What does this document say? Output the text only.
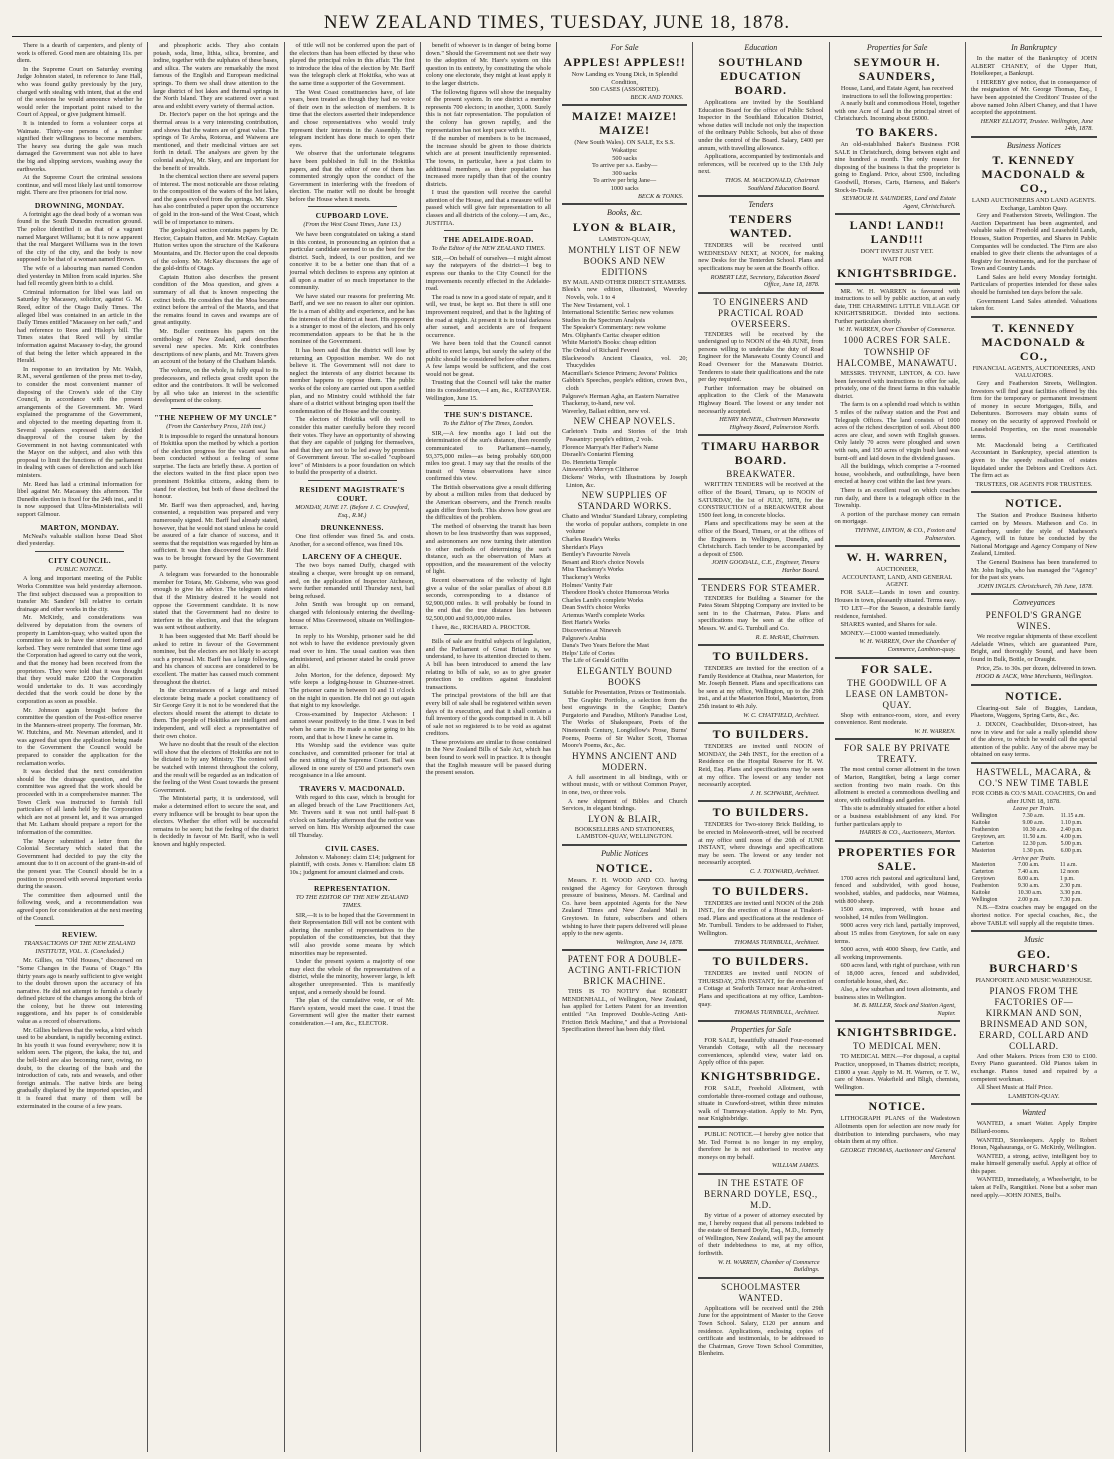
NEW ZEALAND TIMES, TUESDAY, JUNE 18, 1878.
There is a dearth of carpenters, and plenty of work is offered. Good men are obtaining 11s. per diem.
In the Supreme Court on Saturday evening Judge Johnston stated, in reference to Jane Hall, who was found guilty previously by the jury, charged with stealing with intent, that at the end of the sessions he would announce whether he would refer the important point raised to the Court of Appeal, or give judgment himself.
It is intended to form a volunteer corps at Waimate. Thirty-one persons of a number signified their willingness to become members. The heavy sea during the gale was much damaged the Government was not able to have the big and slipping services, washing away the earthworks.
At the Supreme Court the criminal sessions continue, and will most likely last until tomorrow night. There are five prisoners for trial now.
DROWNING, MONDAY.
A fortnight ago the dead body of a woman was found in the South Dunedin recreation ground. The police identified it as that of a vagrant named Margaret Williams; but it is now apparent that the real Margaret Williams was in the town of the city of the city, and the body is now supposed to be that of a woman named Brown.
The wife of a labouring man named Condon died yesterday in Milton from scald injuries. She had fell recently given birth to a child.
Criminal information for libel was laid on Saturday by Macassey, solicitor, against G. M. Reed, editor of the Otago Daily Times. The alleged libel was contained in an article in the Daily Times entitled "Macassey on her oath," and had reference to Reos and Hislop's bill. The Times states that Reed will by similar information against Macassey to-day, the ground of that being the letter which appeared in the Herald.
In response to an invitation by Mr. Walsh, R.M., several gentlemen of the press met to-day, to consider the most convenient manner of disposing of the Crown's side of the City Council, in accordance with the present arrangements of the Government. Mr. Ward explained the programme of the Government, and objected to the meeting departing from it. Several speakers expressed their decided disapproval of the course taken by the Government in not having communicated with the Mayor on the subject, and also with this proposal to limit the functions of the parliament in dealing with cases of dereliction and such like ministers.
Mr. Reed has laid a criminal information for libel against Mr. Macassey this afternoon. The Dunedin election is fixed for the 24th inst., and it is now supposed that Ultra-Ministerialists will support Gilmour.
MARTON, MONDAY.
McNeal's valuable stallion horse Dead Shot died yesterday.
CITY COUNCIL.
PUBLIC NOTICE.
A long and important meeting of the Public Works Committee was held yesterday afternoon. The first subject discussed was a proposition to transfer Mr. Sanders' bill relative to certain drainage and other works in the city.
Mr. McKirdy, and considerations was delivered by deputation from the owners of property in Lambton-quay, who waited upon the committee to ask to have the street formed and kerbed. They were reminded that some time ago the Corporation had agreed to carry out the work, and that the money had been received from the proprietors. They were told that it was thought that they would make £200 the Corporation would undertake to do. It was accordingly decided that the work could be done by the corporation as soon as possible.
Mr. Johnson again brought before the committee the question of the Post-office reserve in the Manners-street property. The foreman, Mr. W. Hutchins, and Mr. Newman attended, and it was agreed that upon the application being made to the Government the Council would be prepared to consider the application for the reclamation works.
It was decided that the next consideration should be the drainage question, and the committee was agreed that the work should be proceeded with in a comprehensive manner. The Town Clerk was instructed to furnish full particulars of all lands held by the Corporation which are not at present let, and it was arranged that Mr. Latham should prepare a report for the information of the committee.
The Mayor submitted a letter from the Colonial Secretary which stated that the Government had decided to pay the city the amount due to it on account of the grant-in-aid of the present year. The Council should be in a position to proceed with several important works during the season.
The committee then adjourned until the following week, and a recommendation was agreed upon for consideration at the next meeting of the Council.
REVIEW.
TRANSACTIONS OF THE NEW ZEALAND INSTITUTE, VOL. X. (Concluded.)
Mr. Gillies, on "Old Houses," discoursed on "Some Changes in the Fauna of Otago." His thirty years ago is nearly sufficient to give weight to the doubt thrown upon the accuracy of his narrative. He did not attempt to furnish a clearly defined picture of the changes among the birds of the colony, but he threw out interesting suggestions, and his paper is of considerable value as a record of observations.
Mr. Gillies believes that the weka, a bird which used to be abundant, is rapidly becoming extinct. In his youth it was found everywhere; now it is seldom seen. The pigeon, the kaka, the tui, and the bell-bird are also becoming rarer, owing, no doubt, to the clearing of the bush and the introduction of cats, rats and weasels, and other foreign animals. The native birds are being gradually displaced by the imported species, and it is feared that many of them will be exterminated in the course of a few years.
and phosphoric acids. They also contain potash, soda, lime, lithia, silica, bromine, and iodine, together with the sulphates of these bases, and silica. The waters are remarkably the most famous of the English and European medicinal springs. To them we shall draw attention to the large district of hot lakes and thermal springs in the North Island. They are scattered over a vast area and exhibit every variety of thermal action.
Dr. Hector's paper on the hot springs and the thermal areas is a very interesting contribution, and shows that the waters are of great value. The springs of Te Aroha, Rotorua, and Waiwera are mentioned, and their medicinal virtues are set forth in detail. The analyses are given by the colonial analyst, Mr. Skey, and are important for the benefit of invalids.
In the chemical section there are several papers of interest. The most noticeable are those relating to the composition of the waters of the hot lakes, and the gases evolved from the springs. Mr. Skey has also contributed a paper upon the occurrence of gold in the iron-sand of the West Coast, which will be of importance to miners.
The geological section contains papers by Dr. Hector, Captain Hutton, and Mr. McKay. Captain Hutton writes upon the structure of the Kaikoura Mountains, and Dr. Hector upon the coal deposits of the colony. Mr. McKay discusses the age of the gold-drifts of Otago.
Captain Hutton also describes the present condition of the Moa question, and gives a summary of all that is known respecting the extinct birds. He considers that the Moa became extinct before the arrival of the Maoris, and that the remains found in caves and swamps are of great antiquity.
Mr. Buller continues his papers on the ornithology of New Zealand, and describes several new species. Mr. Kirk contributes descriptions of new plants, and Mr. Travers gives an account of the botany of the Chatham Islands.
The volume, on the whole, is fully equal to its predecessors, and reflects great credit upon the editor and the contributors. It will be welcomed by all who take an interest in the scientific development of the colony.
"THE NEPHEW OF MY UNCLE"
(From the Canterbury Press, 11th inst.)
It is impossible to regard the unnatural honours of Hokitika upon the method by which a portion of the election progress for the vacant seat has been conducted without a feeling of some surprise. The facts are briefly these. A portion of the electors waited in the first place upon two prominent Hokitika citizens, asking them to stand for election, but both of these declined the honour.
Mr. Barff was then approached, and, having consented, a requisition was prepared and very numerously signed. Mr. Barff had already stated, however, that he would not stand unless he could be assured of a fair chance of success, and it seems that the requisition was regarded by him as sufficient. It was then discovered that Mr. Reid was to be brought forward by the Government party.
A telegram was forwarded to the honourable member for Totara, Mr. Gisborne, who was good enough to give his advice. The telegram stated that if the Ministry desired it he would not oppose the Government candidate. It is now stated that the Government had no desire to interfere in the election, and that the telegram was sent without authority.
It has been suggested that Mr. Barff should be asked to retire in favour of the Government nominee, but the electors are not likely to accept such a proposal. Mr. Barff has a large following, and his chances of success are considered to be excellent. The matter has caused much comment throughout the district.
In the circumstances of a large and mixed electorate being made a pocket constituency of Sir George Grey it is not to be wondered that the electors should resent the attempt to dictate to them. The people of Hokitika are intelligent and independent, and will elect a representative of their own choice.
We have no doubt that the result of the election will show that the electors of Hokitika are not to be dictated to by any Ministry. The contest will be watched with interest throughout the colony, and the result will be regarded as an indication of the feeling of the West Coast towards the present Government.
The Ministerial party, it is understood, will make a determined effort to secure the seat, and every influence will be brought to bear upon the electors. Whether the effort will be successful remains to be seen; but the feeling of the district is decidedly in favour of Mr. Barff, who is well known and highly respected.
of title will not be conferred upon the part of the electors than has been effected by these who played the principal roles in this affair. The first to introduce the idea of the election by Mr. Barff was the telegraph clerk at Hokitika, who was at the same time a supporter of the Government.
The West Coast constituencies have, of late years, been treated as though they had no voice of their own in the selection of members. It is time that the electors asserted their independence and chose representatives who would truly represent their interests in the Assembly. The telegram incident has done much to open their eyes.
We observe that the unfortunate telegrams have been published in full in the Hokitika papers, and that the editor of one of them has commented strongly upon the conduct of the Government in interfering with the freedom of election. The matter will no doubt be brought before the House when it meets.
CUPBOARD LOVE.
(From the West Coast Times, June 13.)
We have been congratulated on taking a stand in this contest, in pronouncing an opinion that a particular candidate seemed to us the best for the district. Such, indeed, is our position, and we conceive it to be a better one than that of a journal which declines to express any opinion at all upon a matter of so much importance to the community.
We have stated our reasons for preferring Mr. Barff, and we see no reason to alter our opinion. He is a man of ability and experience, and he has the interests of the district at heart. His opponent is a stranger to most of the electors, and his only recommendation appears to be that he is the nominee of the Government.
It has been said that the district will lose by returning an Opposition member. We do not believe it. The Government will not dare to neglect the interests of any district because its member happens to oppose them. The public works of the colony are carried out upon a settled plan, and no Ministry could withhold the fair share of a district without bringing upon itself the condemnation of the House and the country.
The electors of Hokitika will do well to consider this matter carefully before they record their votes. They have an opportunity of showing that they are capable of judging for themselves, and that they are not to be led away by promises of Government favour. The so-called "cupboard love" of Ministers is a poor foundation on which to build the prosperity of a district.
RESIDENT MAGISTRATE'S COURT.
MONDAY, JUNE 17. (Before J. C. Crawford, Esq., R.M.)
DRUNKENNESS.
One first offender was fined 5s. and costs. Another, for a second offence, was fined 10s.
LARCENY OF A CHEQUE.
The two boys named Duffy, charged with stealing a cheque, were brought up on remand, and, on the application of Inspector Atcheson, were further remanded until Thursday next, bail being refused.
John Smith was brought up on remand, charged with feloniously entering the dwelling-house of Miss Greenwood, situate on Wellington-terrace.
In reply to his Worship, prisoner said he did not wish to have the evidence previously given read over to him. The usual caution was then administered, and prisoner stated he could prove an alibi.
John Morton, for the defence, deposed: My wife keeps a lodging-house in Ghuznee-street. The prisoner came in between 10 and 11 o'clock on the night in question. He did not go out again that night to my knowledge.
Cross-examined by Inspector Atcheson: I cannot swear positively to the time. I was in bed when he came in. He made a noise going to his room, and that is how I knew he came in.
His Worship said the evidence was quite conclusive, and committed prisoner for trial at the next sitting of the Supreme Court. Bail was allowed in one surety of £50 and prisoner's own recognisance in a like amount.
TRAVERS V. MACDONALD.
With regard to this case, which is brought for an alleged breach of the Law Practitioners Act, Mr. Travers said it was not until half-past 8 o'clock on Saturday afternoon that the notice was served on him. His Worship adjourned the case till Thursday.
CIVIL CASES.
Johnston v. Mahoney: claim £14; judgment for plaintiff, with costs. Jones v. Hamilton: claim £8 10s.; judgment for amount claimed and costs.
REPRESENTATION.
TO THE EDITOR OF THE NEW ZEALAND TIMES.
SIR,—It is to be hoped that the Government in their Representation Bill will not be content with altering the number of representatives to the population of the constituencies, but that they will also provide some means by which minorities may be represented.
Under the present system a majority of one may elect the whole of the representatives of a district, while the minority, however large, is left altogether unrepresented. This is manifestly unjust, and a remedy should be found.
The plan of the cumulative vote, or of Mr. Hare's system, would meet the case. I trust the Government will give the matter their earnest consideration.—I am, &c., ELECTOR.
benefit of whoever is in danger of being borne down." Should the Government not see their way to the adoption of Mr. Hare's system on this question in its entirety, by constituting the whole colony one electorate, they might at least apply it to the larger districts.
The following figures will show the inequality of the present system. In one district a member represents 700 electors; in another, 3,000. Surely this is not fair representation. The population of the colony has grown rapidly, and the representation has not kept pace with it.
If the number of members is to be increased, the increase should be given to those districts which are at present insufficiently represented. The towns, in particular, have a just claim to additional members, as their population has increased more rapidly than that of the country districts.
I trust the question will receive the careful attention of the House, and that a measure will be passed which will give fair representation to all classes and all districts of the colony.—I am, &c., JUSTITIA.
THE ADELAIDE-ROAD.
To the Editor of the NEW ZEALAND TIMES.
SIR,—On behalf of ourselves—I might almost say the ratepayers of the district—I beg to express our thanks to the City Council for the improvements recently effected in the Adelaide-road.
The road is now in a good state of repair, and it will, we trust, be kept so. But there is still one improvement required, and that is the lighting of the road at night. At present it is in total darkness after sunset, and accidents are of frequent occurrence.
We have been told that the Council cannot afford to erect lamps, but surely the safety of the public should be considered before other matters. A few lamps would be sufficient, and the cost would not be great.
Trusting that the Council will take the matter into its consideration,—I am, &c., RATEPAYER. Wellington, June 15.
THE SUN'S DISTANCE.
To the Editor of The Times, London.
SIR,—A few months ago I laid out the determination of the sun's distance, then recently communicated to Parliament—namely, 93,375,000 miles—as being probably 600,000 miles too great. I may say that the results of the transit of Venus observations have since confirmed this view.
The British observations give a result differing by about a million miles from that deduced by the American observers, and the French results again differ from both. This shows how great are the difficulties of the problem.
The method of observing the transit has been shown to be less trustworthy than was supposed, and astronomers are now turning their attention to other methods of determining the sun's distance, such as the observation of Mars at opposition, and the measurement of the velocity of light.
Recent observations of the velocity of light give a value of the solar parallax of about 8.8 seconds, corresponding to a distance of 92,900,000 miles. It will probably be found in the end that the true distance lies between 92,500,000 and 93,000,000 miles.
I have, &c., RICHARD A. PROCTOR.
Bills of sale are fruitful subjects of legislation, and the Parliament of Great Britain is, we understand, to have its attention directed to them. A bill has been introduced to amend the law relating to bills of sale, so as to give greater protection to creditors against fraudulent transactions.
The principal provisions of the bill are that every bill of sale shall be registered within seven days of its execution, and that it shall contain a full inventory of the goods comprised in it. A bill of sale not so registered is to be void as against creditors.
These provisions are similar to those contained in the New Zealand Bills of Sale Act, which has been found to work well in practice. It is thought that the English measure will be passed during the present session.
For Sale
APPLES! APPLES!!
Now Landing ex Young Dick, in Splendid Condition,
500 CASES (ASSORTED).
BECK AND TONKS.
MAIZE! MAIZE! MAIZE!
(New South Wales). ON SALE, Ex S.S. Wakatipu:
500 sacks
To arrive per s.s. Easby—
300 sacks
To arrive per brig Jane—
1000 sacks
BECK & TONKS.
Books, &c.
LYON & BLAIR,
LAMBTON-QUAY,
MONTHLY LIST OF NEW BOOKS AND NEW EDITIONS
BY MAIL AND OTHER DIRECT STEAMERS.
Bleek's new edition, illustrated, Waverley Novels, vols. 1 to 4
The New Testament, vol. 1
International Scientific Series: new volumes
Studies in the Spectrum Analysis
The Speaker's Commentary: new volume
Mrs. Oliphant's Carita: cheaper edition
White Mariott's Books: cheap edition
The Ordeal of Richard Feverel
Blackwood's Ancient Classics, vol. 20; Thucydides
Macmillan's Science Primers; Jevons' Politics
Gabbin's Speeches, people's edition, crown 8vo., cloth
Palgrave's Herman Agha, an Eastern Narrative
Thackeray, to-hand, new vol.
Waverley, Ballast edition, new vol.
NEW CHEAP NOVELS.
Carleton's Traits and Stories of the Irish Peasantry: people's edition, 2 vols.
Florence Marryat's Her Father's Name
Disraeli's Contarini Fleming
Do. Henrietta Temple
Ainsworth's Mervyn Clitheroe
Dickens' Works, with Illustrations by Joseph Linton, &c.
NEW SUPPLIES OF STANDARD WORKS.
Chatto and Windus' Standard Library, completing the works of popular authors, complete in one volume
Charles Reade's Works
Sheridan's Plays
Bentley's Favourite Novels
Besant and Rice's choice Novels
Miss Thackeray's Works
Thackeray's Works
Holmes' Vanity Fair
Theodore Hook's choice Humorous Works
Charles Lamb's complete Works
Dean Swift's choice Works
Artemus Ward's complete Works
Bret Harte's Works
Discoveries at Nineveh
Palgrave's Arabia
Dana's Two Years Before the Mast
Helps' Life of Cortes
The Life of Gerald Griffin
ELEGANTLY BOUND BOOKS
Suitable for Presentation, Prizes or Testimonials.
The Graphic Portfolio, a selection from the best engravings in the Graphic; Dante's Purgatorio and Paradiso, Milton's Paradise Lost, The Works of Shakespeare, Poets of the Nineteenth Century, Longfellow's Prose, Burns' Poems, Poems of Sir Walter Scott, Thomas Moore's Poems, &c., &c.
HYMNS ANCIENT AND MODERN.
A full assortment in all bindings, with or without music, with or without Common Prayer, in one, two, or three vols.
A new shipment of Bibles and Church Services, in elegant bindings.
LYON & BLAIR,
BOOKSELLERS AND STATIONERS, LAMBTON-QUAY, WELLINGTON.
Public Notices
NOTICE.
Messrs. F. H. WOOD AND CO. having resigned the Agency for Greytown through pressure of business, Messrs. M. Cardinal and Co. have been appointed Agents for the New Zealand Times and New Zealand Mail in Greytown. In future, subscribers and others wishing to have their papers delivered will please apply to the new agents.
Wellington, June 14, 1878.
PATENT FOR A DOUBLE-ACTING ANTI-FRICTION BRICK MACHINE.
THIS IS TO NOTIFY that ROBERT MENDENHALL, of Wellington, New Zealand, has applied for Letters Patent for an invention entitled "An Improved Double-Acting Anti-Friction Brick Machine," and that a Provisional Specification thereof has been duly filed.
Education
SOUTHLAND EDUCATION BOARD.
Applications are invited by the Southland Education Board for the office of Public School Inspector in the Southland Education District, whose duties will include not only the inspection of the ordinary Public Schools, but also of those under the control of the Board. Salary, £400 per annum, with travelling allowance.
Applications, accompanied by testimonials and references, will be received up to the 13th July next.
THOS. M. MACDONALD, Chairman Southland Education Board.
Tenders
TENDERS WANTED.
TENDERS will be received until WEDNESDAY NEXT, at NOON, for making new Desks for the Tenterden School. Plans and specifications may be seen at the Board's office.
ROBERT LEE, Secretary, Education Board Office, June 18, 1878.
TO ENGINEERS AND PRACTICAL ROAD OVERSEERS.
TENDERS will be received by the undersigned up to NOON of the 4th JUNE, from persons willing to undertake the duty of Road Engineer for the Manawatu County Council and Road Overseer for the Manawatu District. Tenderers to state their qualifications and the rate per day required.
Further information may be obtained on application to the Clerk of the Manawatu Highway Board. The lowest or any tender not necessarily accepted.
HENRY McNEIL, Chairman Manawatu Highway Board, Palmerston North.
TIMARU HARBOR BOARD.
BREAKWATER.
WRITTEN TENDERS will be received at the office of the Board, Timaru, up to NOON of SATURDAY, the 1st of JULY, 1878, for the CONSTRUCTION of a BREAKWATER about 1500 feet long, in concrete blocks.
Plans and specifications may be seen at the office of the Board, Timaru, or at the offices of the Engineers in Wellington, Dunedin, and Christchurch. Each tender to be accompanied by a deposit of £500.
JOHN GOODALL, C.E., Engineer, Timaru Harbor Board.
TENDERS FOR STEAMER.
TENDERS for Building a Steamer for the Patea Steam Shipping Company are invited to be sent in to the Chairman, Patea. Plans and specifications may be seen at the office of Messrs. W. and G. Turnbull and Co.
R. E. McRAE, Chairman.
TO BUILDERS.
TENDERS are invited for the erection of a Family Residence at Otaihua, near Masterton, for Mr. Joseph Bennett. Plans and specifications can be seen at my office, Wellington, up to the 29th inst., and at the Masterton Hotel, Masterton, from 25th instant to 4th July.
W. C. CHATFIELD, Architect.
TO BUILDERS.
TENDERS are invited until NOON of MONDAY, the 24th INST., for the erection of a Residence on the Hospital Reserve for H. W. Reid, Esq. Plans and specifications may be seen at my office. The lowest or any tender not necessarily accepted.
J. H. SCHWABE, Architect.
TO BUILDERS.
TENDERS for Two-storey Brick Building, to be erected in Molesworth-street, will be received at my office until noon of the 26th of JUNE INSTANT, where drawings and specifications may be seen. The lowest or any tender not necessarily accepted.
C. J. TOXWARD, Architect.
TO BUILDERS.
TENDERS are invited until NOON of the 26th INST., for the erection of a House at Tinakori-road. Plans and specifications at the residence of Mr. Turnbull. Tenders to be addressed to Fisher, Wellington.
THOMAS TURNBULL, Architect.
TO BUILDERS.
TENDERS are invited until NOON of THURSDAY, 27th INSTANT, for the erection of a Cottage at Seaforth Terrace near Aroha-street. Plans and specifications at my office, Lambton-quay.
THOMAS TURNBULL, Architect.
Properties for Sale
FOR SALE, beautifully situated Four-roomed Verandah Cottage, with all the necessary conveniences, splendid view, water laid on. Apply office of this paper.
KNIGHTSBRIDGE.
FOR SALE, Freehold Allotment, with comfortable three-roomed cottage and outhouse, situate in Crawford-street, within three minutes walk of Tramway-station. Apply to Mr. Pym, near Knightsbridge.
PUBLIC NOTICE.—I hereby give notice that Mr. Ted Forrest is no longer in my employ, therefore he is not authorised to receive any moneys on my behalf.
WILLIAM JAMES.
IN THE ESTATE OF BERNARD DOYLE, ESQ., M.D.
By virtue of a power of attorney executed by me, I hereby request that all persons indebted to the estate of Bernard Doyle, Esq., M.D., formerly of Wellington, New Zealand, will pay the amount of their indebtedness to me, at my office, forthwith.
W. H. WARREN, Chamber of Commerce Buildings.
SCHOOLMASTER WANTED.
Applications will be received until the 29th June for the appointment of Master to the Grove Town School. Salary, £120 per annum and residence. Applications, enclosing copies of certificate and testimonials, to be addressed to the Chairman, Grove Town School Committee, Blenheim.
Properties for Sale
SEYMOUR H. SAUNDERS,
House, Land, and Estate Agent, has received instructions to sell the following properties:
A nearly built and commodious Hotel, together with one Acre of Land in the principal street of Christchurch. Incoming about £6000.
TO BAKERS.
An old-established Baker's Business FOR SALE in Christchurch, doing between eight and nine hundred a month. The only reason for disposing of the business is that the proprietor is going to England. Price, about £500, including Goodwill, Horses, Carts, Harness, and Baker's Stock-in-Trade.
SEYMOUR H. SAUNDERS, Land and Estate Agent, Christchurch.
LAND! LAND!! LAND!!!
DON'T INVEST JUST YET.
WAIT FOR
KNIGHTSBRIDGE.
MR. W. H. WARREN is favoured with instructions to sell by public auction, at an early date, THE CHARMING LITTLE VILLAGE OF KNIGHTSBRIDGE. Divided into sections. Further particulars shortly.
W. H. WARREN, Over Chamber of Commerce.
1000 ACRES FOR SALE.
TOWNSHIP OF HALCOMBE, MANAWATU.
MESSRS. THYNNE, LINTON, & CO. have been favoured with instructions to offer for sale, privately, one of the finest farms in this valuable district.
The farm is on a splendid road which is within 5 miles of the railway station and the Post and Telegraph Offices. The land consists of 1000 acres of the richest description of soil. About 800 acres are clear, and sown with English grasses. Only lately 70 acres were ploughed and sown with oats, and 150 acres of virgin bush land was burnt-off and laid down in the dividend grasses.
All the buildings, which comprise a 7-roomed house, woolsheds, and outbuildings, have been erected at heavy cost within the last few years.
There is an excellent road on which coaches run daily, and there is a telegraph office in the Township.
A portion of the purchase money can remain on mortgage.
THYNNE, LINTON, & CO., Foxton and Palmerston.
W. H. WARREN,
AUCTIONEER,
ACCOUNTANT, LAND, AND GENERAL AGENT.
FOR SALE—Lands in town and country. Houses in town, pleasantly situated. Terms easy.
TO LET—For the Season, a desirable family residence, furnished.
SHARES wanted, and Shares for sale.
MONEY.—£1000 wanted immediately.
W. H. WARREN, Over the Chamber of Commerce, Lambton-quay.
FOR SALE.
THE GOODWILL OF A LEASE ON LAMBTON-QUAY.
Shop with entrance-room, store, and every convenience. Rent moderate.
W. H. WARREN.
FOR SALE BY PRIVATE TREATY.
The most central corner allotment in the town of Marton, Rangitikei, being a large corner section fronting two main roads. On this allotment is erected a commodious dwelling and store, with outbuildings and garden.
This site is admirably situated for either a hotel or a business establishment of any kind. For further particulars apply to
HARRIS & CO., Auctioneers, Marton.
PROPERTIES FOR SALE.
1700 acres rich pastoral and agricultural land, fenced and subdivided, with good house, woolshed, stables, and paddocks, near Waimea, with 800 sheep.
1500 acres, improved, with house and woolshed, 14 miles from Wellington.
9000 acres very rich land, partially improved, about 15 miles from Greytown, for sale on easy terms.
5000 acres, with 4000 Sheep, few Cattle, and all working improvements.
600 acres land, with right of purchase, with run of 18,000 acres, fenced and subdivided, comfortable house, shed, &c.
Also, a few suburban and town allotments, and business sites in Wellington.
M. B. MILLER, Stock and Station Agent, Napier.
KNIGHTSBRIDGE.
TO MEDICAL MEN.
TO MEDICAL MEN.—For disposal, a capital Practice, unopposed, in Thames district; receipts, £1800 a year. Apply to M. H. Warren, or T. W., care of Messrs. Wakefield and Bligh, chemists, Wellington.
NOTICE.
LITHOGRAPH PLANS of the Wadestown Allotments open for selection are now ready for distribution to intending purchasers, who may obtain them at my office.
GEORGE THOMAS, Auctioneer and General Merchant.
In Bankruptcy
In the matter of the Bankruptcy of JOHN ALBERT CHANEY, of the Upper Hutt, Hotelkeeper, a Bankrupt.
I HEREBY give notice, that in consequence of the resignation of Mr. George Thomas, Esq., I have been appointed the Creditors' Trustee of the above named John Albert Chaney, and that I have accepted the appointment.
HENRY ELLIOTT, Trustee. Wellington, June 14th, 1878.
Business Notices
T. KENNEDY MACDONALD & CO.,
LAND AUCTIONEERS AND LAND AGENTS. Exchange, Lambton Quay.
Grey and Featherston Streets, Wellington. The Auction Department has been augmented, and valuable sales of Freehold and Leasehold Lands, Houses, Station Properties, and Shares in Public Companies will be conducted. The Firm are also enabled to give their clients the advantages of a Registry for Investments, and for the purchase of Town and Country Lands.
Land Sales are held every Monday fortnight. Particulars of properties intended for these sales should be furnished ten days before the sale.
Government Land Sales attended. Valuations taken for.
T. KENNEDY MACDONALD & CO.,
FINANCIAL AGENTS, AUCTIONEERS, AND VALUATORS.
Grey and Featherston Streets, Wellington. Investors will find great facilities offered by this firm for the temporary or permanent investment of money in secure Mortgages, Bills, and Debentures. Borrowers may obtain sums of money on the security of approved Freehold or Leasehold Properties, on the most reasonable terms.
Mr. Macdonald being a Certificated Accountant in Bankruptcy, special attention is given to the speedy realisation of estates liquidated under the Debtors and Creditors Act. The firm act as
TRUSTEES, OR AGENTS FOR TRUSTEES.
NOTICE.
The Station and Produce Business hitherto carried on by Messrs. Matheson and Co. in Canterbury, under the style of Matheson's Agency, will in future be conducted by the National Mortgage and Agency Company of New Zealand, Limited.
The General Business has been transferred to Mr. John Inglis, who has managed the "Agency" for the past six years.
JOHN INGLIS. Christchurch, 7th June, 1878.
Conveyances
PENFOLD'S GRANGE WINES.
We receive regular shipments of these excellent Adelaide Wines, which are guaranteed Pure, Bright, and thoroughly Sound, and have been found in Bulk, Bottle, or Draught.
Price, 25s. to 30s. per dozen, delivered in town.
HOOD & JACK, Wine Merchants, Wellington.
NOTICE.
Clearing-out Sale of Buggies, Landaus, Phaetons, Waggons, Spring Carts, &c., &c.
J. DIXON, Coachbuilder, Dixon-street, has now in view and for sale a really splendid show of the above, to which he would call the special attention of the public. Any of the above may be obtained on easy terms.
HASTWELL, MACARA, & CO.'S NEW TIME TABLE
FOR COBB & CO.'S MAIL COACHES, On and after JUNE 18, 1878.
Leave per Train.
Wellington	7.30 a.m.	11.15 a.m.
Kaitoke	9.00 a.m.	1.10 p.m.
Featherston	10.30 a.m.	2.40 p.m.
Greytown, arr.	11.50 a.m.	4.00 p.m.
Carterton	12.30 p.m.	5.00 p.m.
Masterton	1.30 p.m.	6.00 p.m.
Arrive per Train.
Masterton	7.00 a.m.	11 a.m.
Carterton	7.40 a.m.	12 noon
Greytown	8.00 a.m.	1 p.m.
Featherston	9.30 a.m.	2.30 p.m.
Kaitoke	10.30 a.m.	3.30 p.m.
Wellington	2.00 p.m.	7.30 p.m.
N.B.—Extra coaches may be engaged on the shortest notice. For special coaches, &c., the above TABLE will supply all the requisite times.
Music
GEO. BURCHARD'S
PIANOFORTE AND MUSIC WAREHOUSE.
PIANOS FROM THE FACTORIES OF— KIRKMAN AND SON, BRINSMEAD AND SON, ERARD, COLLARD AND COLLARD.
And other Makers. Prices from £30 to £100. Every Piano guaranteed. Old Pianos taken in exchange. Pianos tuned and repaired by a competent workman.
All Sheet Music at Half Price.
LAMBTON-QUAY.
Wanted
WANTED, a smart Waiter. Apply Empire Billiard-rooms.
WANTED, Storekeepers. Apply to Robert Horan, Ngahauranga, or G. McKirdy, Wellington.
WANTED, a strong, active, intelligent boy to make himself generally useful. Apply at office of this paper.
WANTED, immediately, a Wheelwright, to be taken at Fell's, Rangitikei. None but a sober man need apply.—JOHN JONES, Bull's.
